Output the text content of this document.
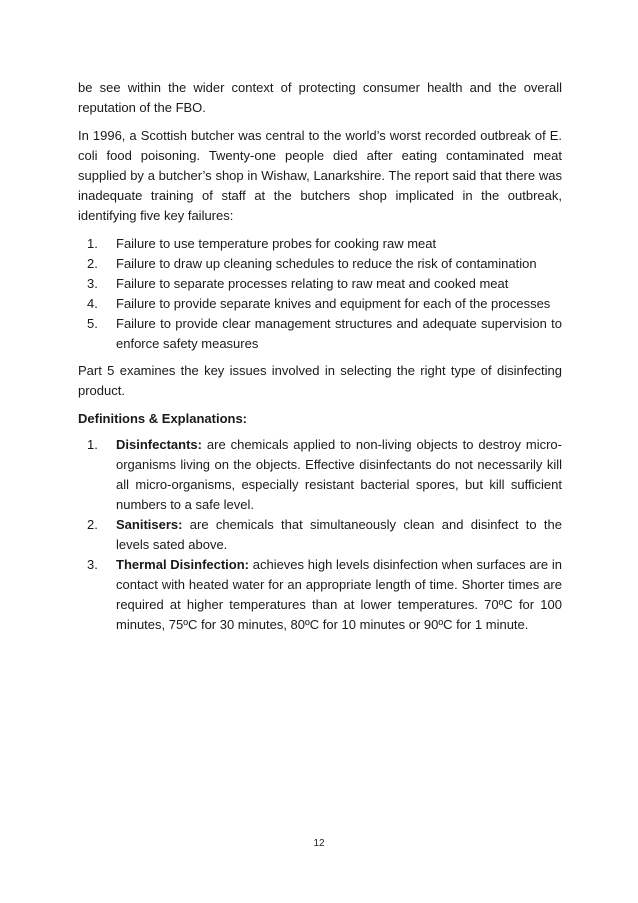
be see within the wider context of protecting consumer health and the overall reputation of the FBO.

In 1996, a Scottish butcher was central to the world’s worst recorded outbreak of E. coli food poisoning. Twenty-one people died after eating contaminated meat supplied by a butcher’s shop in Wishaw, Lanarkshire. The report said that there was inadequate training of staff at the butchers shop implicated in the outbreak, identifying five key failures:

1. Failure to use temperature probes for cooking raw meat
2. Failure to draw up cleaning schedules to reduce the risk of contamination
3. Failure to separate processes relating to raw meat and cooked meat
4. Failure to provide separate knives and equipment for each of the processes
5. Failure to provide clear management structures and adequate supervision to enforce safety measures

Part 5 examines the key issues involved in selecting the right type of disinfecting product.

Definitions & Explanations:

1. Disinfectants: are chemicals applied to non-living objects to destroy micro-organisms living on the objects. Effective disinfectants do not necessarily kill all micro-organisms, especially resistant bacterial spores, but kill sufficient numbers to a safe level.
2. Sanitisers: are chemicals that simultaneously clean and disinfect to the levels sated above.
3. Thermal Disinfection: achieves high levels disinfection when surfaces are in contact with heated water for an appropriate length of time. Shorter times are required at higher temperatures than at lower temperatures. 70ºC for 100 minutes, 75ºC for 30 minutes, 80ºC for 10 minutes or 90ºC for 1 minute.
12
